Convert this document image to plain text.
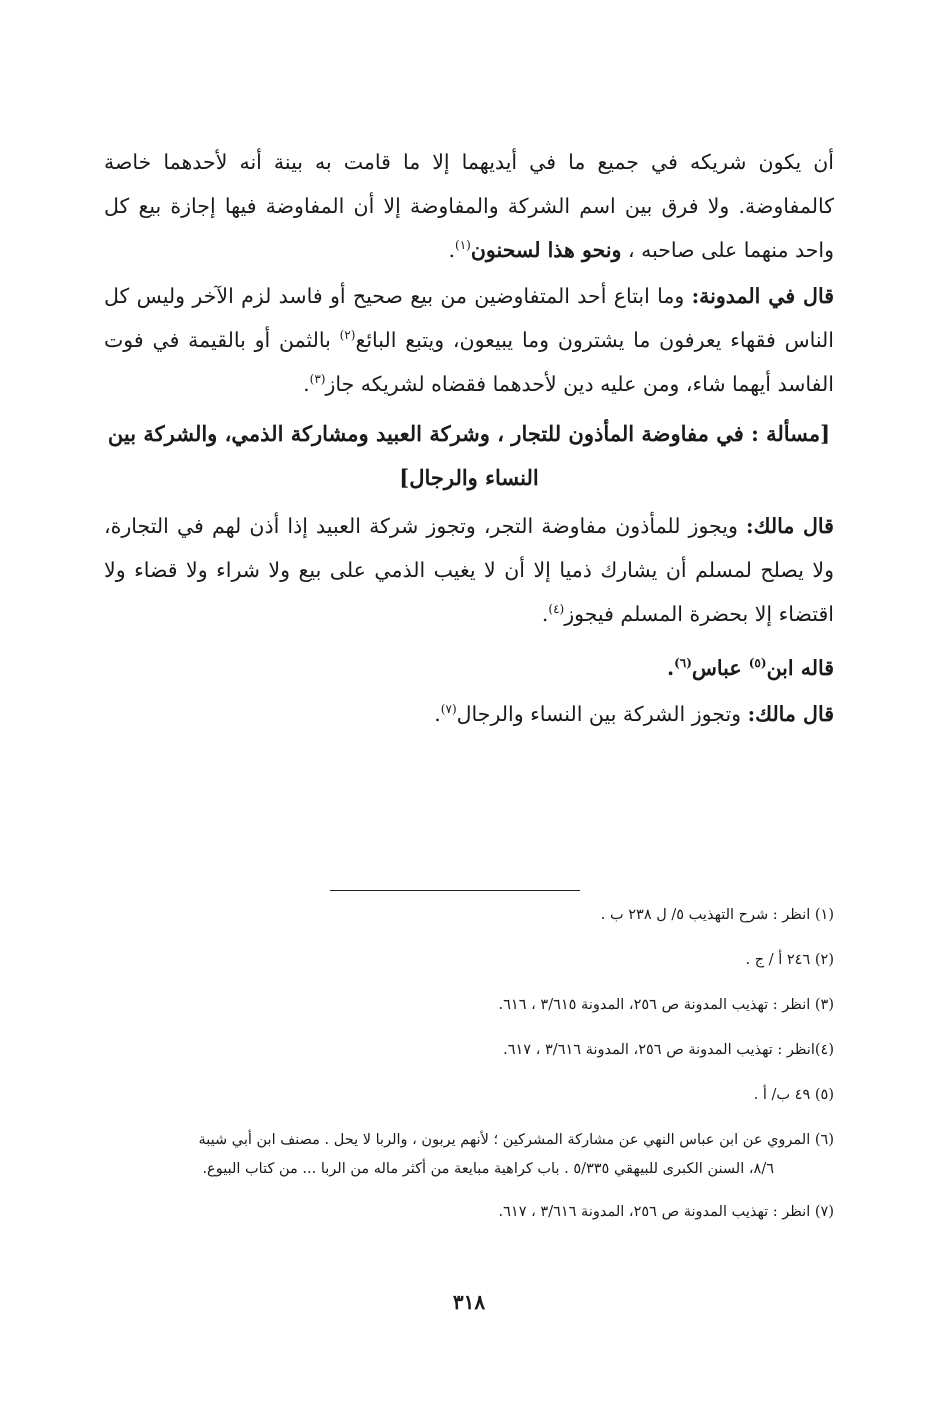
أن يكون شريكه في جميع ما في أيديهما إلا ما قامت به بينة أنه لأحدهما خاصة كالمفاوضة. ولا فرق بين اسم الشركة والمفاوضة إلا أن المفاوضة فيها إجازة بيع كل واحد منهما على صاحبه ، ونحو هذا لسحنون$^{(١)}$.

قال في المدونة: وما ابتاع أحد المتفاوضين من بيع صحيح أو فاسد لزم الآخر وليس كل الناس فقهاء يعرفون ما يشترون وما يبيعون، ويتبع البائع$^{(٢)}$ بالثمن أو بالقيمة في فوت الفاسد أيهما شاء، ومن عليه دين لأحدهما فقضاه لشريكه جاز$^{(٣)}$.

[مسألة : في مفاوضة المأذون للتجار ، وشركة العبيد ومشاركة الذمي، والشركة بين النساء والرجال]

قال مالك: ويجوز للمأذون مفاوضة التجر، وتجوز شركة العبيد إذا أذن لهم في التجارة، ولا يصلح لمسلم أن يشارك ذميا إلا أن لا يغيب الذمي على بيع ولا شراء ولا قضاء ولا اقتضاء إلا بحضرة المسلم فيجوز$^{(٤)}$.

قاله ابن$^{(٥)}$ عباس$^{(٦)}$.

قال مالك: وتجوز الشركة بين النساء والرجال$^{(٧)}$.

(١) انظر : شرح التهذيب ٥/ ل ٢٣٨ ب .

(٢) ٢٤٦ أ / ج .

(٣) انظر : تهذيب المدونة ص ٢٥٦، المدونة ٣/٦١٥ ، ٦١٦.

(٤)انظر : تهذيب المدونة ص ٢٥٦، المدونة ٣/٦١٦ ، ٦١٧.

(٥) ٤٩ ب/ أ .

(٦) المروي عن ابن عباس النهي عن مشاركة المشركين ؛ لأنهم يربون ، والربا لا يحل . مصنف ابن أبي شيبة

٨/٦، السنن الكبرى للبيهقي ٥/٣٣٥ . باب كراهية مبايعة من أكثر ماله من الربا ... من كتاب البيوع.

(٧) انظر : تهذيب المدونة ص ٢٥٦، المدونة ٣/٦١٦ ، ٦١٧.

٣١٨
